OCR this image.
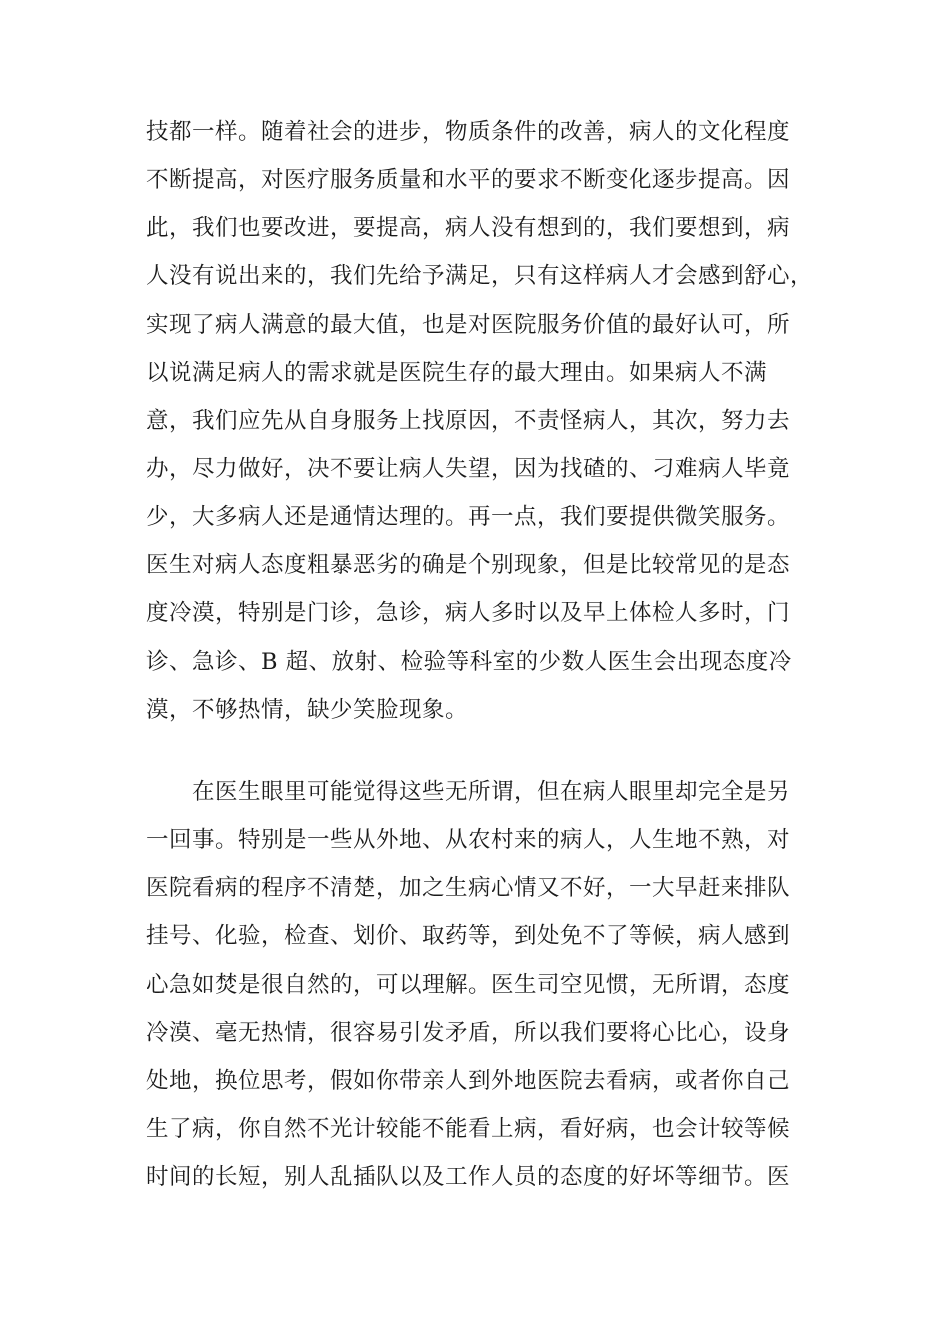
技都一样。随着社会的进步，物质条件的改善，病人的文化程度
不断提高，对医疗服务质量和水平的要求不断变化逐步提高。因
此，我们也要改进，要提高，病人没有想到的，我们要想到，病
人没有说出来的，我们先给予满足，只有这样病人才会感到舒心，
实现了病人满意的最大值，也是对医院服务价值的最好认可，所
以说满足病人的需求就是医院生存的最大理由。如果病人不满
意，我们应先从自身服务上找原因，不责怪病人，其次，努力去
办，尽力做好，决不要让病人失望，因为找碴的、刁难病人毕竟
少，大多病人还是通情达理的。再一点，我们要提供微笑服务。
医生对病人态度粗暴恶劣的确是个别现象，但是比较常见的是态
度冷漠，特别是门诊，急诊，病人多时以及早上体检人多时，门
诊、急诊、B 超、放射、检验等科室的少数人医生会出现态度冷
漠，不够热情，缺少笑脸现象。
在医生眼里可能觉得这些无所谓，但在病人眼里却完全是另
一回事。特别是一些从外地、从农村来的病人，人生地不熟，对
医院看病的程序不清楚，加之生病心情又不好，一大早赶来排队
挂号、化验，检查、划价、取药等，到处免不了等候，病人感到
心急如焚是很自然的，可以理解。医生司空见惯，无所谓，态度
冷漠、毫无热情，很容易引发矛盾，所以我们要将心比心，设身
处地，换位思考，假如你带亲人到外地医院去看病，或者你自己
生了病，你自然不光计较能不能看上病，看好病，也会计较等候
时间的长短，别人乱插队以及工作人员的态度的好坏等细节。医
